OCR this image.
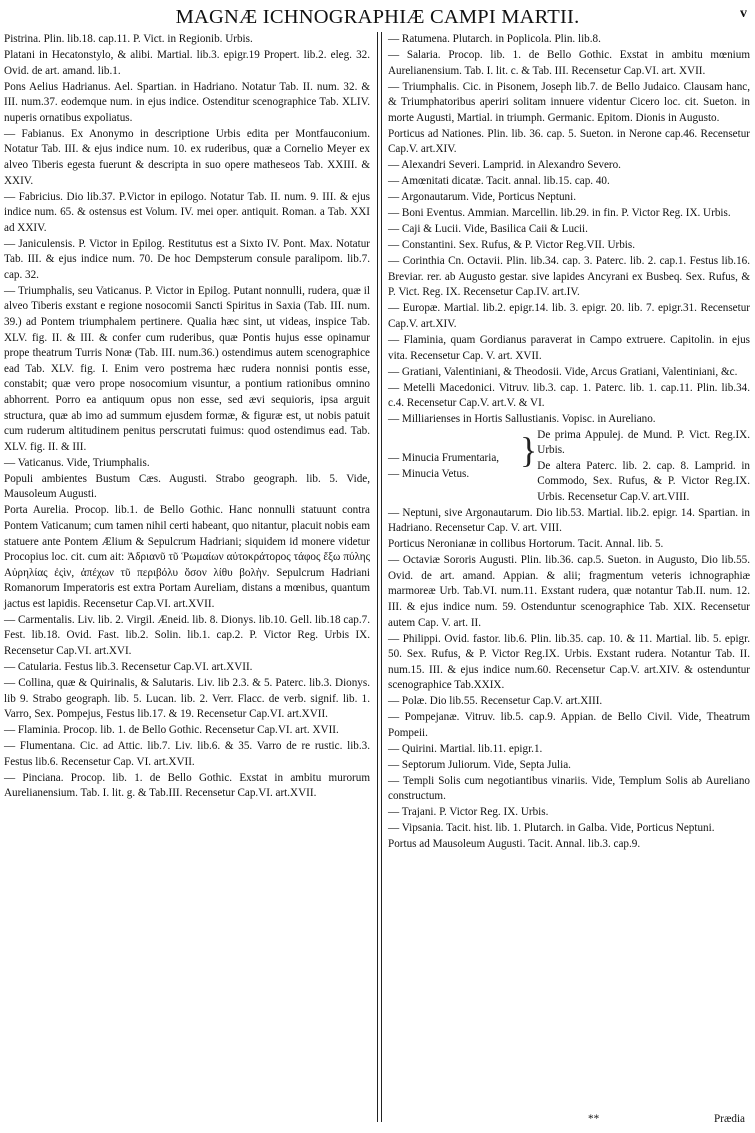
MAGNÆ ICHNOGRAPHIÆ CAMPI MARTII.	v

Pistrina. Plin. lib.18. cap.11. P. Vict. in Regionib. Urbis.

Platani in Hecatonstylo, & alibi. Martial. lib.3. epigr.19 Propert. lib.2. eleg. 32. Ovid. de art. amand. lib.1.

Pons Aelius Hadrianus. Ael. Spartian. in Hadriano. Notatur Tab. II. num. 32. & III. num.37. eodemque num. in ejus indice. Ostenditur scenographice Tab. XLIV. nuperis ornatibus expoliatus.

— Fabianus. Ex Anonymo in descriptione Urbis edita per Montfauconium. Notatur Tab. III. & ejus indice num. 10. ex ruderibus, quæ a Cornelio Meyer ex alveo Tiberis egesta fuerunt & descripta in suo opere matheseos Tab. XXIII. & XXIV.

— Fabricius. Dio lib.37. P.Victor in epilogo. Notatur Tab. II. num. 9. III. & ejus indice num. 65. & ostensus est Volum. IV. mei oper. antiquit. Roman. a Tab. XXI ad XXIV.

— Janiculensis. P. Victor in Epilog. Restitutus est a Sixto IV. Pont. Max. Notatur Tab. III. & ejus indice num. 70. De hoc Dempsterum consule paralipom. lib.7. cap. 32.

— Triumphalis, seu Vaticanus. P. Victor in Epilog. Putant nonnulli, rudera, quæ il alveo Tiberis exstant e regione nosocomii Sancti Spiritus in Saxia (Tab. III. num. 39.) ad Pontem triumphalem pertinere. Qualia hæc sint, ut videas, inspice Tab. XLV. fig. II. & III. & confer cum ruderibus, quæ Pontis hujus esse opinamur prope theatrum Turris Nonæ (Tab. III. num.36.) ostendimus autem scenographice ead Tab. XLV. fig. I. Enim vero postrema hæc rudera nonnisi pontis esse, constabit; quæ vero prope nosocomium visuntur, a pontium rationibus omnino abhorrent. Porro ea antiquum opus non esse, sed ævi sequioris, ipsa arguit structura, quæ ab imo ad summum ejusdem formæ, & figuræ est, ut nobis patuit cum ruderum altitudinem penitus perscrutati fuimus: quod ostendimus ead. Tab. XLV. fig. II. & III.

— Vaticanus. Vide, Triumphalis.

Populi ambientes Bustum Cæs. Augusti. Strabo geograph. lib. 5. Vide, Mausoleum Augusti.

Porta Aurelia. Procop. lib.1. de Bello Gothic. Hanc nonnulli statuunt contra Pontem Vaticanum; cum tamen nihil certi habeant, quo nitantur, placuit nobis eam statuere ante Pontem Ælium & Sepulcrum Hadriani; siquidem id monere videtur Procopius loc. cit. cum ait: Ἀδριανῦ τῦ Ῥωμαίων αὐτοκράτορος τάφος ἔξω πύλης Αὐρηλίας ἐςὶν, ἀπέχων τῦ περιβόλυ ὅσον λίθυ βολὴν. Sepulcrum Hadriani Romanorum Imperatoris est extra Portam Aureliam, distans a mœnibus, quantum jactus est lapidis. Recensetur Cap.VI. art.XVII.

— Carmentalis. Liv. lib. 2. Virgil. Æneid. lib. 8. Dionys. lib.10. Gell. lib.18 cap.7. Fest. lib.18. Ovid. Fast. lib.2. Solin. lib.1. cap.2. P. Victor Reg. Urbis IX. Recensetur Cap.VI. art.XVI.

— Catularia. Festus lib.3. Recensetur Cap.VI. art.XVII.

— Collina, quæ & Quirinalis, & Salutaris. Liv. lib 2.3. & 5. Paterc. lib.3. Dionys. lib 9. Strabo geograph. lib. 5. Lucan. lib. 2. Verr. Flacc. de verb. signif. lib. 1. Varro, Sex. Pompejus, Festus lib.17. & 19. Recensetur Cap.VI. art.XVII.

— Flaminia. Procop. lib. 1. de Bello Gothic. Recensetur Cap.VI. art. XVII.

— Flumentana. Cic. ad Attic. lib.7. Liv. lib.6. & 35. Varro de re rustic. lib.3. Festus lib.6. Recensetur Cap. VI. art.XVII.

— Pinciana. Procop. lib. 1. de Bello Gothic. Exstat in ambitu murorum Aurelianensium. Tab. I. lit. g. & Tab.III. Recensetur Cap.VI. art.XVII.

— Ratumena. Plutarch. in Poplicola. Plin. lib.8.

— Salaria. Procop. lib. 1. de Bello Gothic. Exstat in ambitu mœnium Aurelianensium. Tab. I. lit. c. & Tab. III. Recensetur Cap.VI. art. XVII.

— Triumphalis. Cic. in Pisonem, Joseph lib.7. de Bello Judaico. Clausam hanc, & Triumphatoribus aperiri solitam innuere videntur Cicero loc. cit. Sueton. in morte Augusti, Martial. in triumph. Germanic. Epitom. Dionis in Augusto.

Porticus ad Nationes. Plin. lib. 36. cap. 5. Sueton. in Nerone cap.46. Recensetur Cap.V. art.XIV.

— Alexandri Severi. Lamprid. in Alexandro Severo.

— Amœnitati dicatæ. Tacit. annal. lib.15. cap. 40.

— Argonautarum. Vide, Porticus Neptuni.

— Boni Eventus. Ammian. Marcellin. lib.29. in fin. P. Victor Reg. IX. Urbis.

— Caji & Lucii. Vide, Basilica Caii & Lucii.

— Constantini. Sex. Rufus, & P. Victor Reg.VII. Urbis.

— Corinthia Cn. Octavii. Plin. lib.34. cap. 3. Paterc. lib. 2. cap.1. Festus lib.16. Breviar. rer. ab Augusto gestar. sive lapides Ancyrani ex Busbeq. Sex. Rufus, & P. Vict. Reg. IX. Recensetur Cap.IV. art.IV.

— Europæ. Martial. lib.2. epigr.14. lib. 3. epigr. 20. lib. 7. epigr.31. Recensetur Cap.V. art.XIV.

— Flaminia, quam Gordianus paraverat in Campo extruere. Capitolin. in ejus vita. Recensetur Cap. V. art. XVII.

— Gratiani, Valentiniani, & Theodosii. Vide, Arcus Gratiani, Valentiniani, &c.

— Metelli Macedonici. Vitruv. lib.3. cap. 1. Paterc. lib. 1. cap.11. Plin. lib.34. c.4. Recensetur Cap.V. art.V. & VI.

— Milliarienses in Hortis Sallustianis. Vopisc. in Aureliano.

— Minucia Frumentaria,
— Minucia Vetus.
} De prima Appulej. de Mund. P. Vict. Reg.IX. Urbis.
De altera Paterc. lib. 2. cap. 8. Lamprid. in Commodo, Sex. Rufus, & P. Victor Reg.IX. Urbis. Recensetur Cap.V. art.VIII.

— Neptuni, sive Argonautarum. Dio lib.53. Martial. lib.2. epigr. 14. Spartian. in Hadriano. Recensetur Cap. V. art. VIII.

Porticus Neronianæ in collibus Hortorum. Tacit. Annal. lib. 5.

— Octaviæ Sororis Augusti. Plin. lib.36. cap.5. Sueton. in Augusto, Dio lib.55. Ovid. de art. amand. Appian. & alii; fragmentum veteris ichnographiæ marmoreæ Urb. Tab.VI. num.11. Exstant rudera, quæ notantur Tab.II. num. 12. III. & ejus indice num. 59. Ostenduntur scenographice Tab. XIX. Recensetur autem Cap. V. art. II.

— Philippi. Ovid. fastor. lib.6. Plin. lib.35. cap. 10. & 11. Martial. lib. 5. epigr. 50. Sex. Rufus, & P. Victor Reg.IX. Urbis. Exstant rudera. Notantur Tab. II. num.15. III. & ejus indice num.60. Recensetur Cap.V. art.XIV. & ostenduntur scenographice Tab.XXIX.

— Polæ. Dio lib.55. Recensetur Cap.V. art.XIII.

— Pompejanæ. Vitruv. lib.5. cap.9. Appian. de Bello Civil. Vide, Theatrum Pompeii.

— Quirini. Martial. lib.11. epigr.1.

— Septorum Juliorum. Vide, Septa Julia.

— Templi Solis cum negotiantibus vinariis. Vide, Templum Solis ab Aureliano constructum.

— Trajani. P. Victor Reg. IX. Urbis.

— Vipsania. Tacit. hist. lib. 1. Plutarch. in Galba. Vide, Porticus Neptuni.

Portus ad Mausoleum Augusti. Tacit. Annal. lib.3. cap.9.

**	Prædia
